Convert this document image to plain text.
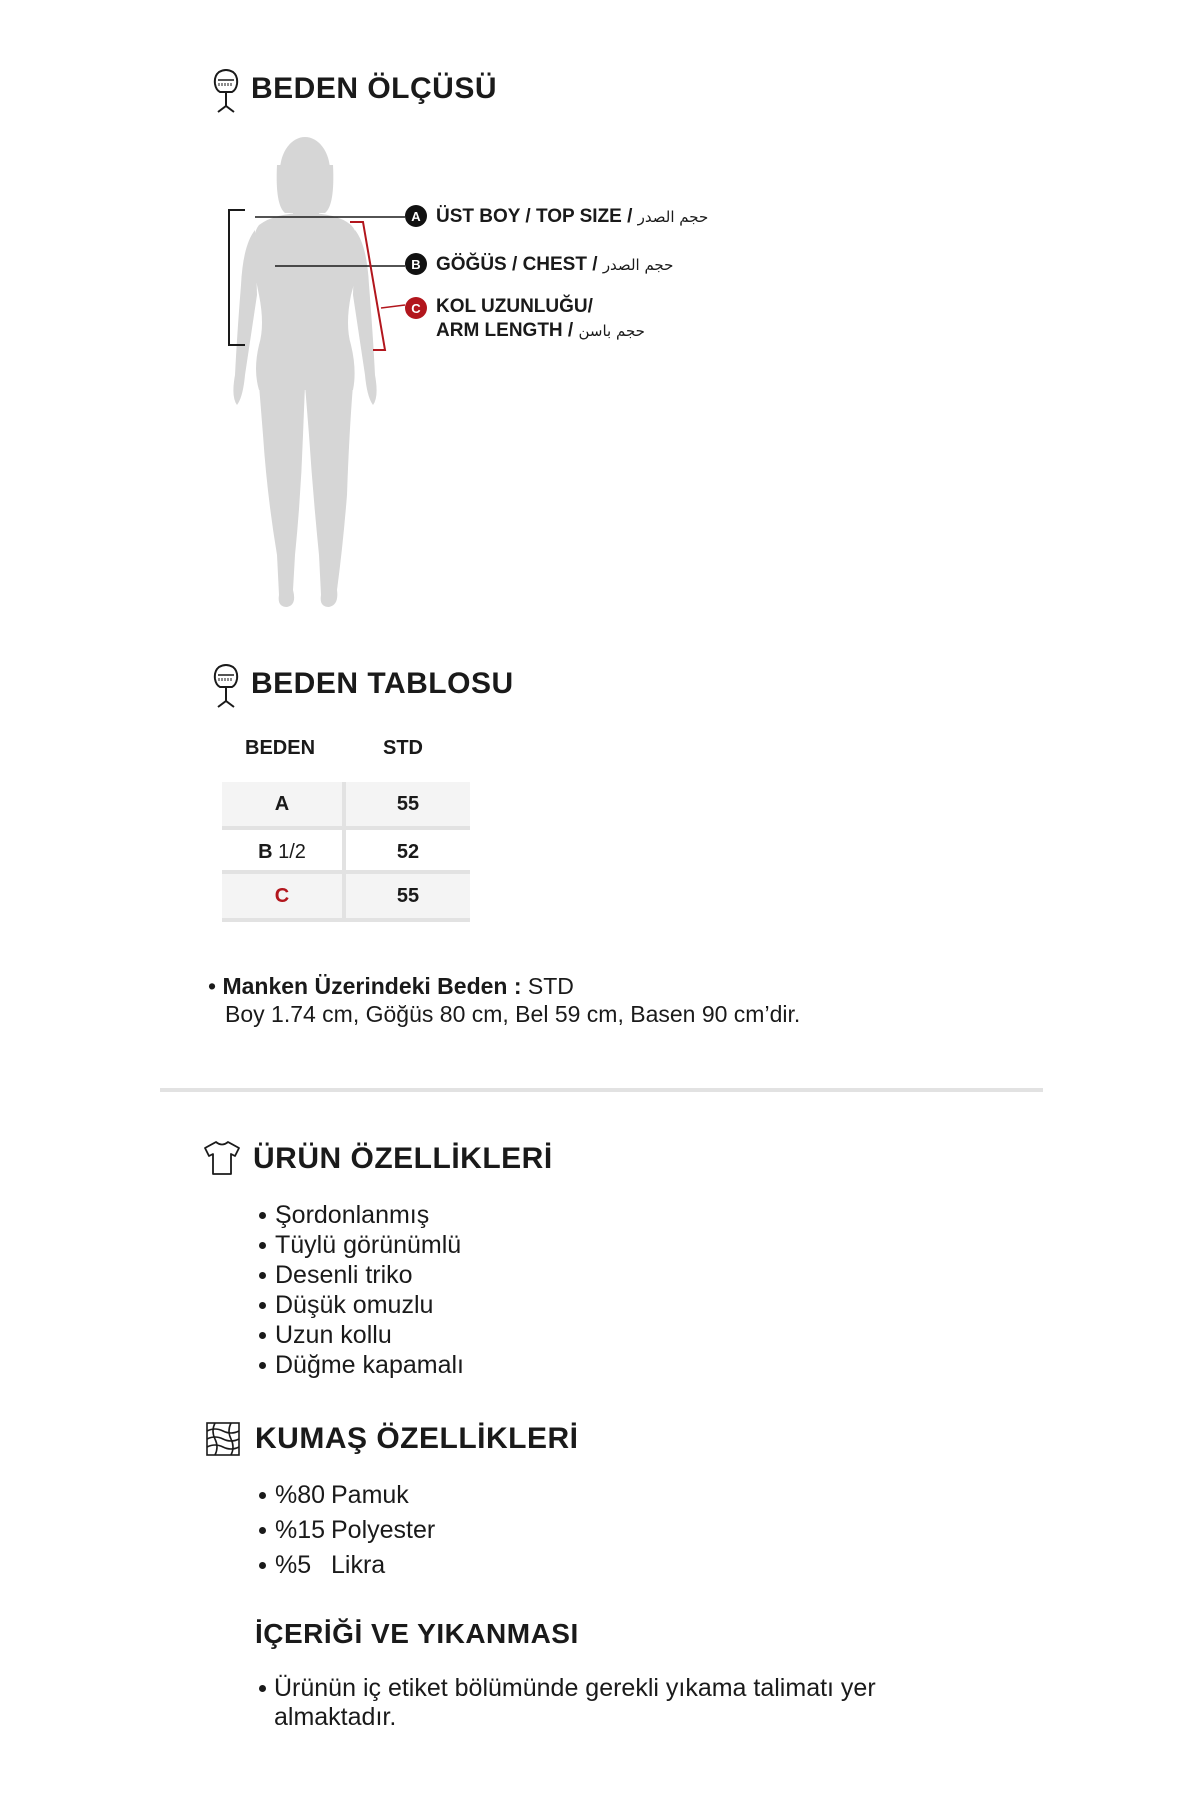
BEDEN ÖLÇÜSÜ
A ÜST BOY / TOP SIZE / حجم الصدر
B GÖĞÜS / CHEST / حجم الصدر
C KOL UZUNLUĞU/
ARM LENGTH / حجم باسن
BEDEN TABLOSU
BEDEN	STD
A	55
B 1/2	52
C	55
• Manken Üzerindeki Beden : STD
Boy 1.74 cm, Göğüs 80 cm, Bel 59 cm, Basen 90 cm’dir.
ÜRÜN ÖZELLİKLERİ
Şordonlanmış
Tüylü görünümlü
Desenli triko
Düşük omuzlu
Uzun kollu
Düğme kapamalı
KUMAŞ ÖZELLİKLERİ
%80 Pamuk
%15 Polyester
%5 Likra
İÇERİĞİ VE YIKANMASI
Ürünün iç etiket bölümünde gerekli yıkama talimatı yer
almaktadır.
